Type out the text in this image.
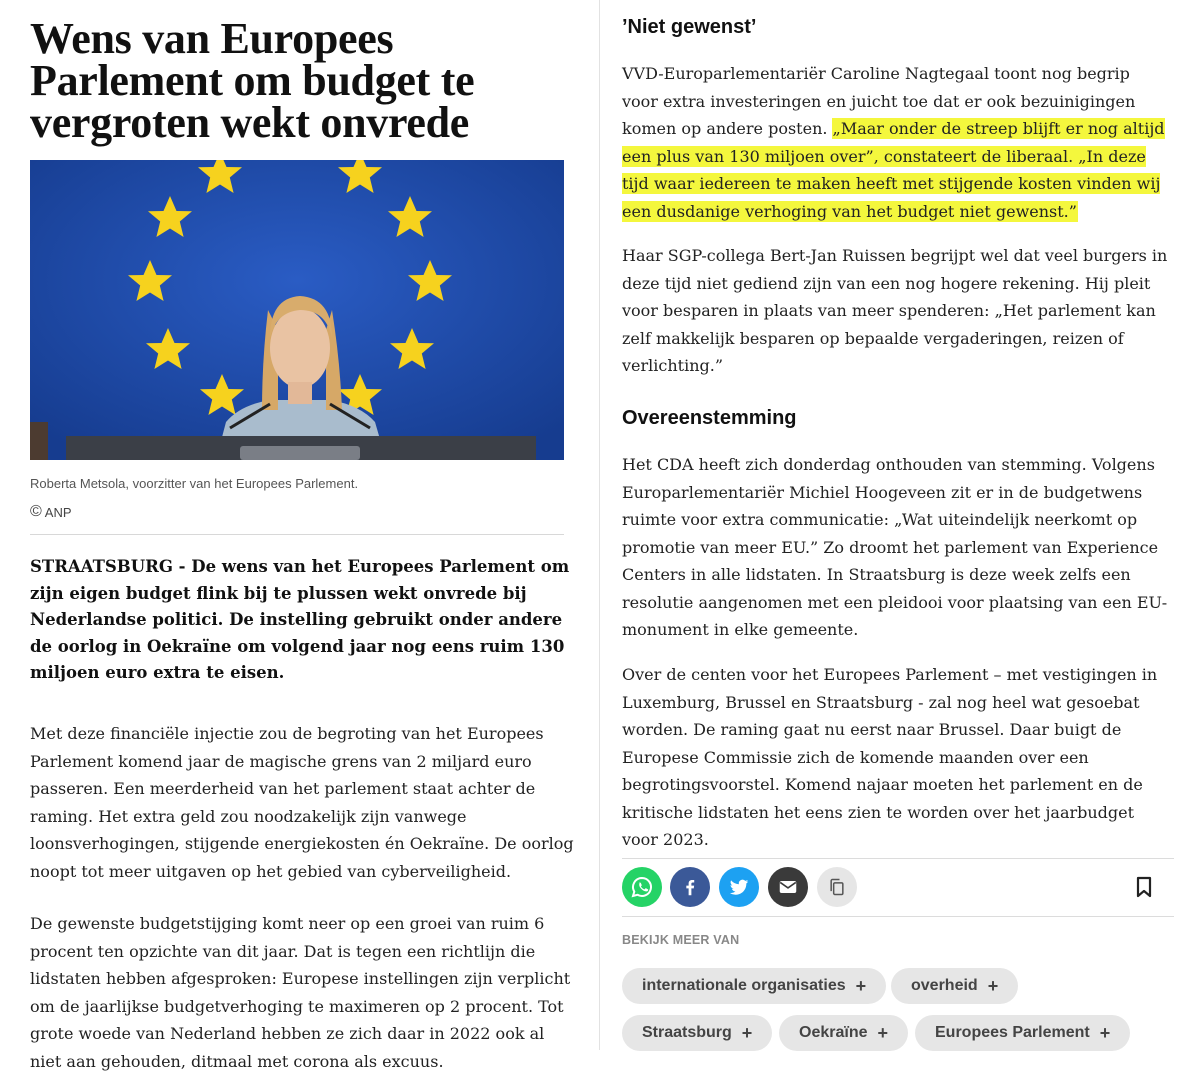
Wens van Europees Parlement om budget te vergroten wekt onvrede
Roberta Metsola, voorzitter van het Europees Parlement.
© ANP

STRAATSBURG - De wens van het Europees Parlement om zijn eigen budget flink bij te plussen wekt onvrede bij Nederlandse politici. De instelling gebruikt onder andere de oorlog in Oekraïne om volgend jaar nog eens ruim 130 miljoen euro extra te eisen.

Met deze financiële injectie zou de begroting van het Europees Parlement komend jaar de magische grens van 2 miljard euro passeren. Een meerderheid van het parlement staat achter de raming. Het extra geld zou noodzakelijk zijn vanwege loonsverhogingen, stijgende energiekosten én Oekraïne. De oorlog noopt tot meer uitgaven op het gebied van cyberveiligheid.

De gewenste budgetstijging komt neer op een groei van ruim 6 procent ten opzichte van dit jaar. Dat is tegen een richtlijn die lidstaten hebben afgesproken: Europese instellingen zijn verplicht om de jaarlijkse budgetverhoging te maximeren op 2 procent. Tot grote woede van Nederland hebben ze zich daar in 2022 ook al niet aan gehouden, ditmaal met corona als excuus.

’Niet gewenst’

VVD-Europarlementariër Caroline Nagtegaal toont nog begrip voor extra investeringen en juicht toe dat er ook bezuinigingen komen op andere posten. „Maar onder de streep blijft er nog altijd een plus van 130 miljoen over”, constateert de liberaal. „In deze tijd waar iedereen te maken heeft met stijgende kosten vinden wij een dusdanige verhoging van het budget niet gewenst.”

Haar SGP-collega Bert-Jan Ruissen begrijpt wel dat veel burgers in deze tijd niet gediend zijn van een nog hogere rekening. Hij pleit voor besparen in plaats van meer spenderen: „Het parlement kan zelf makkelijk besparen op bepaalde vergaderingen, reizen of verlichting.”

Overeenstemming

Het CDA heeft zich donderdag onthouden van stemming. Volgens Europarlementariër Michiel Hoogeveen zit er in de budgetwens ruimte voor extra communicatie: „Wat uiteindelijk neerkomt op promotie van meer EU.” Zo droomt het parlement van Experience Centers in alle lidstaten. In Straatsburg is deze week zelfs een resolutie aangenomen met een pleidooi voor plaatsing van een EU-monument in elke gemeente.

Over de centen voor het Europees Parlement – met vestigingen in Luxemburg, Brussel en Straatsburg - zal nog heel wat gesoebat worden. De raming gaat nu eerst naar Brussel. Daar buigt de Europese Commissie zich de komende maanden over een begrotingsvoorstel. Komend najaar moeten het parlement en de kritische lidstaten het eens zien te worden over het jaarbudget voor 2023.

BEKIJK MEER VAN
internationale organisaties +	overheid +
Straatsburg +	Oekraïne +	Europees Parlement +
